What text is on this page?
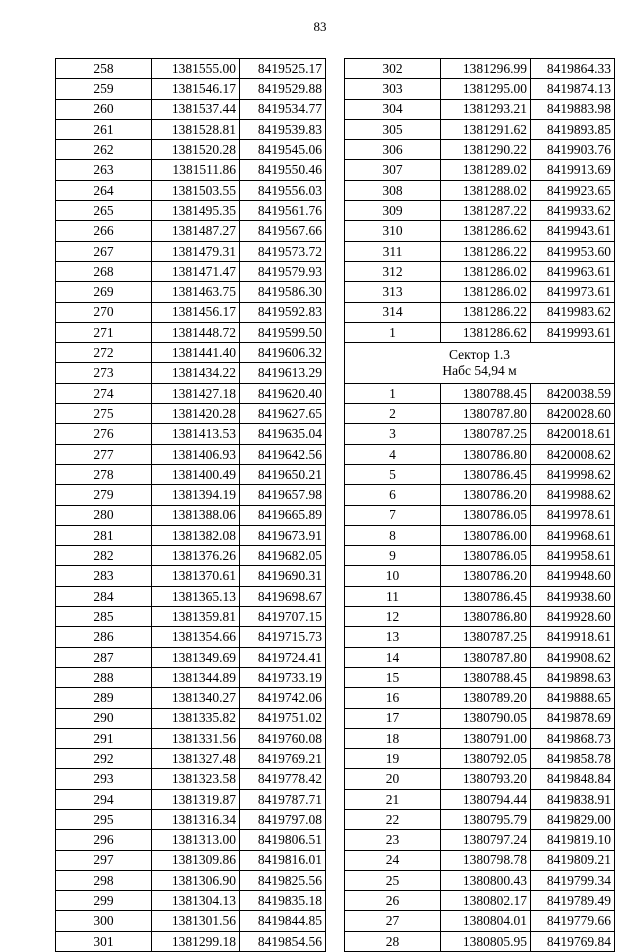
83
258	1381555.00	8419525.17
259	1381546.17	8419529.88
260	1381537.44	8419534.77
261	1381528.81	8419539.83
262	1381520.28	8419545.06
263	1381511.86	8419550.46
264	1381503.55	8419556.03
265	1381495.35	8419561.76
266	1381487.27	8419567.66
267	1381479.31	8419573.72
268	1381471.47	8419579.93
269	1381463.75	8419586.30
270	1381456.17	8419592.83
271	1381448.72	8419599.50
272	1381441.40	8419606.32
273	1381434.22	8419613.29
274	1381427.18	8419620.40
275	1381420.28	8419627.65
276	1381413.53	8419635.04
277	1381406.93	8419642.56
278	1381400.49	8419650.21
279	1381394.19	8419657.98
280	1381388.06	8419665.89
281	1381382.08	8419673.91
282	1381376.26	8419682.05
283	1381370.61	8419690.31
284	1381365.13	8419698.67
285	1381359.81	8419707.15
286	1381354.66	8419715.73
287	1381349.69	8419724.41
288	1381344.89	8419733.19
289	1381340.27	8419742.06
290	1381335.82	8419751.02
291	1381331.56	8419760.08
292	1381327.48	8419769.21
293	1381323.58	8419778.42
294	1381319.87	8419787.71
295	1381316.34	8419797.08
296	1381313.00	8419806.51
297	1381309.86	8419816.01
298	1381306.90	8419825.56
299	1381304.13	8419835.18
300	1381301.56	8419844.85
301	1381299.18	8419854.56
302	1381296.99	8419864.33
303	1381295.00	8419874.13
304	1381293.21	8419883.98
305	1381291.62	8419893.85
306	1381290.22	8419903.76
307	1381289.02	8419913.69
308	1381288.02	8419923.65
309	1381287.22	8419933.62
310	1381286.62	8419943.61
311	1381286.22	8419953.60
312	1381286.02	8419963.61
313	1381286.02	8419973.61
314	1381286.22	8419983.62
1	1381286.62	8419993.61

Сектор 1.3
Набс 54,94 м		

1	1380788.45	8420038.59
2	1380787.80	8420028.60
3	1380787.25	8420018.61
4	1380786.80	8420008.62
5	1380786.45	8419998.62
6	1380786.20	8419988.62
7	1380786.05	8419978.61
8	1380786.00	8419968.61
9	1380786.05	8419958.61
10	1380786.20	8419948.60
11	1380786.45	8419938.60
12	1380786.80	8419928.60
13	1380787.25	8419918.61
14	1380787.80	8419908.62
15	1380788.45	8419898.63
16	1380789.20	8419888.65
17	1380790.05	8419878.69
18	1380791.00	8419868.73
19	1380792.05	8419858.78
20	1380793.20	8419848.84
21	1380794.44	8419838.91
22	1380795.79	8419829.00
23	1380797.24	8419819.10
24	1380798.78	8419809.21
25	1380800.43	8419799.34
26	1380802.17	8419789.49
27	1380804.01	8419779.66
28	1380805.95	8419769.84
